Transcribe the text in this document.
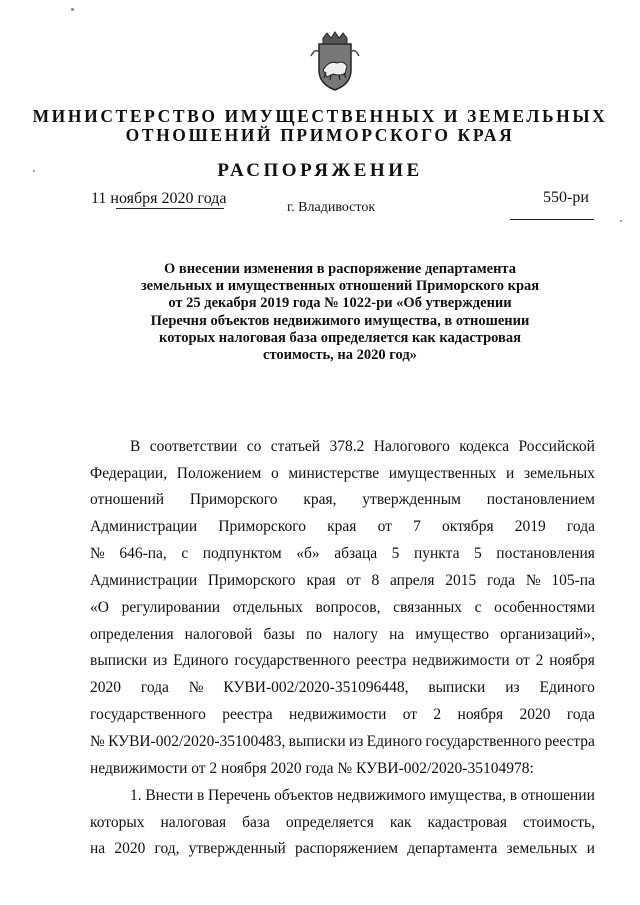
МИНИСТЕРСТВО ИМУЩЕСТВЕННЫХ И ЗЕМЕЛЬНЫХ
ОТНОШЕНИЙ ПРИМОРСКОГО КРАЯ
РАСПОРЯЖЕНИЕ
11 ноября 2020 года
г. Владивосток
550-ри
О внесении изменения в распоряжение департамента земельных и имущественных отношений Приморского края от 25 декабря 2019 года № 1022-ри «Об утверждении Перечня объектов недвижимого имущества, в отношении которых налоговая база определяется как кадастровая стоимость, на 2020 год»
В соответствии со статьей 378.2 Налогового кодекса Российской
Федерации, Положением о министерстве имущественных и земельных
отношений Приморского края, утвержденным постановлением
Администрации Приморского края от 7 октября 2019 года
№ 646-па, с подпунктом «б» абзаца 5 пункта 5 постановления
Администрации Приморского края от 8 апреля 2015 года № 105-па
«О регулировании отдельных вопросов, связанных с особенностями
определения налоговой базы по налогу на имущество организаций»,
выписки из Единого государственного реестра недвижимости от 2 ноября
2020 года № КУВИ-002/2020-351096448, выписки из Единого
государственного реестра недвижимости от 2 ноября 2020 года
№ КУВИ-002/2020-35100483, выписки из Единого государственного реестра
недвижимости от 2 ноября 2020 года № КУВИ-002/2020-35104978:
1. Внести в Перечень объектов недвижимого имущества, в отношении
которых налоговая база определяется как кадастровая стоимость,
на 2020 год, утвержденный распоряжением департамента земельных и
